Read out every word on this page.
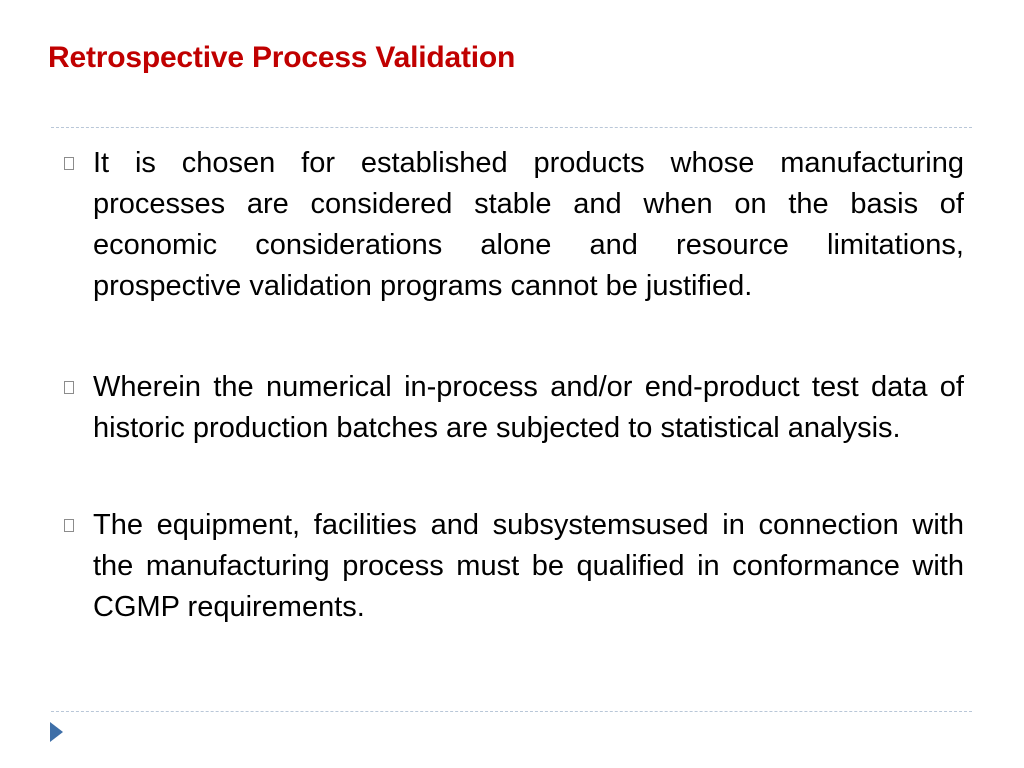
Retrospective Process Validation
It is chosen for established products whose manufacturing processes are considered stable and when on the basis of economic considerations alone and resource limitations, prospective validation programs cannot be justified.
Wherein the numerical in-process and/or end-product test data of historic production batches are subjected to statistical analysis.
The equipment, facilities and subsystemsused in connection with the manufacturing process must be qualified in conformance with CGMP requirements.
